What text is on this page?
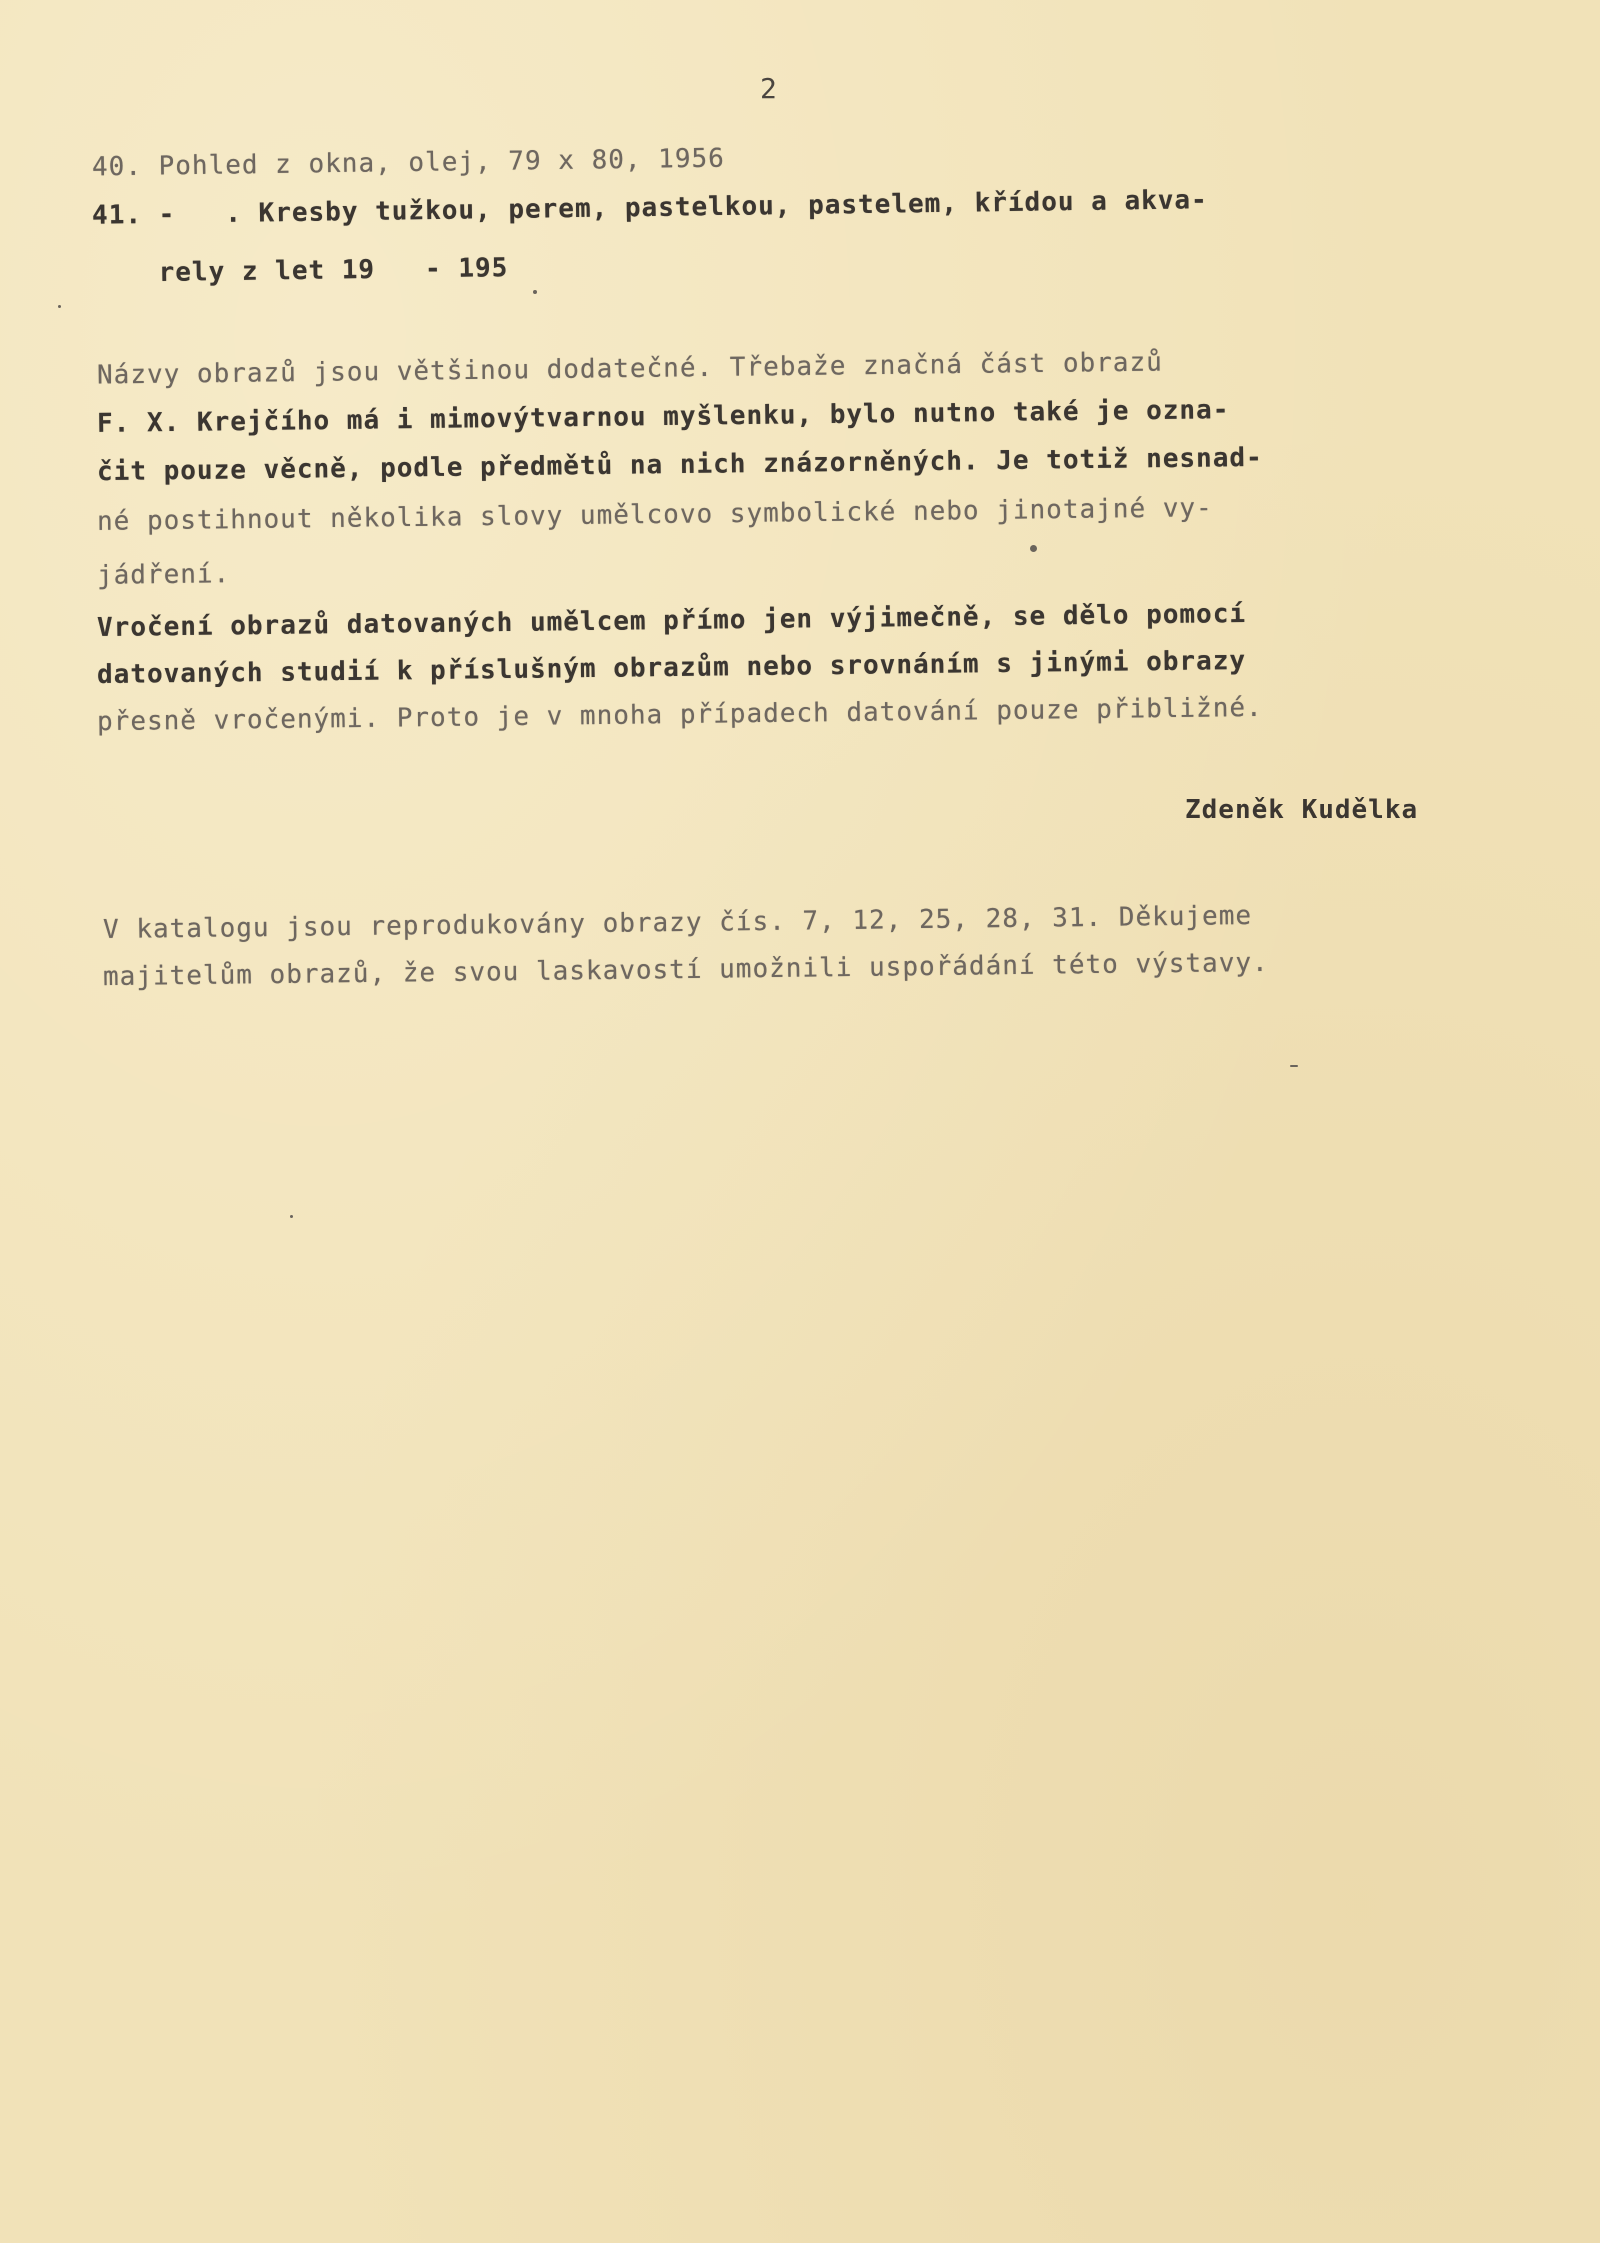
2
40. Pohled z okna, olej, 79 x 80, 1956
41. -   . Kresby tužkou, perem, pastelkou, pastelem, křídou a akva-
rely z let 19   - 195
Názvy obrazů jsou většinou dodatečné. Třebaže značná část obrazů
F. X. Krejčího má i mimovýtvarnou myšlenku, bylo nutno také je ozna-
čit pouze věcně, podle předmětů na nich znázorněných. Je totiž nesnad-
né postihnout několika slovy umělcovo symbolické nebo jinotajné vy-
jádření.
Vročení obrazů datovaných umělcem přímo jen výjimečně, se dělo pomocí
datovaných studií k příslušným obrazům nebo srovnáním s jinými obrazy
přesně vročenými. Proto je v mnoha případech datování pouze přibližné.
Zdeněk Kudělka
V katalogu jsou reprodukovány obrazy čís. 7, 12, 25, 28, 31. Děkujeme
majitelům obrazů, že svou laskavostí umožnili uspořádání této výstavy.
